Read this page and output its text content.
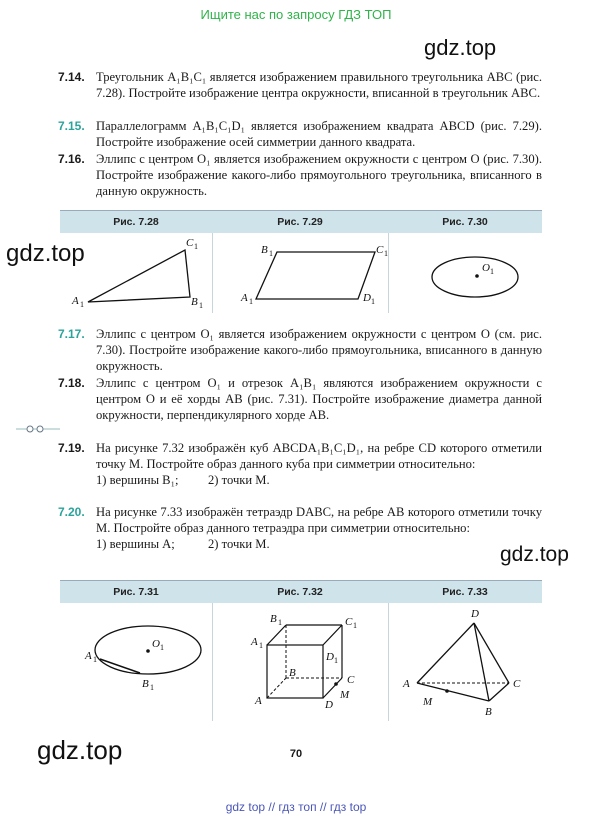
Ищите нас по запросу ГДЗ ТОП
gdz.top
gdz.top
gdz.top
gdz.top
7.14. Треугольник A₁B₁C₁ является изображением правильного треугольника ABC (рис. 7.28). Постройте изображение центра окружности, вписанной в треугольник ABC.
7.15. Параллелограмм A₁B₁C₁D₁ является изображением квадрата ABCD (рис. 7.29). Постройте изображение осей симметрии данного квадрата.
7.16. Эллипс с центром O₁ является изображением окружности с центром O (рис. 7.30). Постройте изображение какого-либо прямоугольного треугольника, вписанного в данную окружность.
Рис. 7.28	Рис. 7.29	Рис. 7.30
A 1
C 1
B 1
B 1	C 1
A 1	D 1
O 1
7.17. Эллипс с центром O₁ является изображением окружности с центром O (см. рис. 7.30). Постройте изображение какого-либо прямоугольника, вписанного в данную окружность.
7.18. Эллипс с центром O₁ и отрезок A₁B₁ являются изображением окружности с центром O и её хорды AB (рис. 7.31). Постройте изображение диаметра данной окружности, перпендикулярного хорде AB.
7.19. На рисунке 7.32 изображён куб ABCDA₁B₁C₁D₁, на ребре CD которого отметили точку M. Постройте образ данного куба при симметрии относительно:
1) вершины B₁; 2) точки M.
7.20. На рисунке 7.33 изображён тетраэдр DABC, на ребре AB которого отметили точку M. Постройте образ данного тетраэдра при симметрии относительно:
1) вершины A;	2) точки M.
Рис. 7.31	Рис. 7.32	Рис. 7.33
O 1
A 1
B 1
B 1	C 1
A 1
D 1
B
C
M
A	D
D
A	C
B
M
70
gdz top // гдз топ // гдз top
